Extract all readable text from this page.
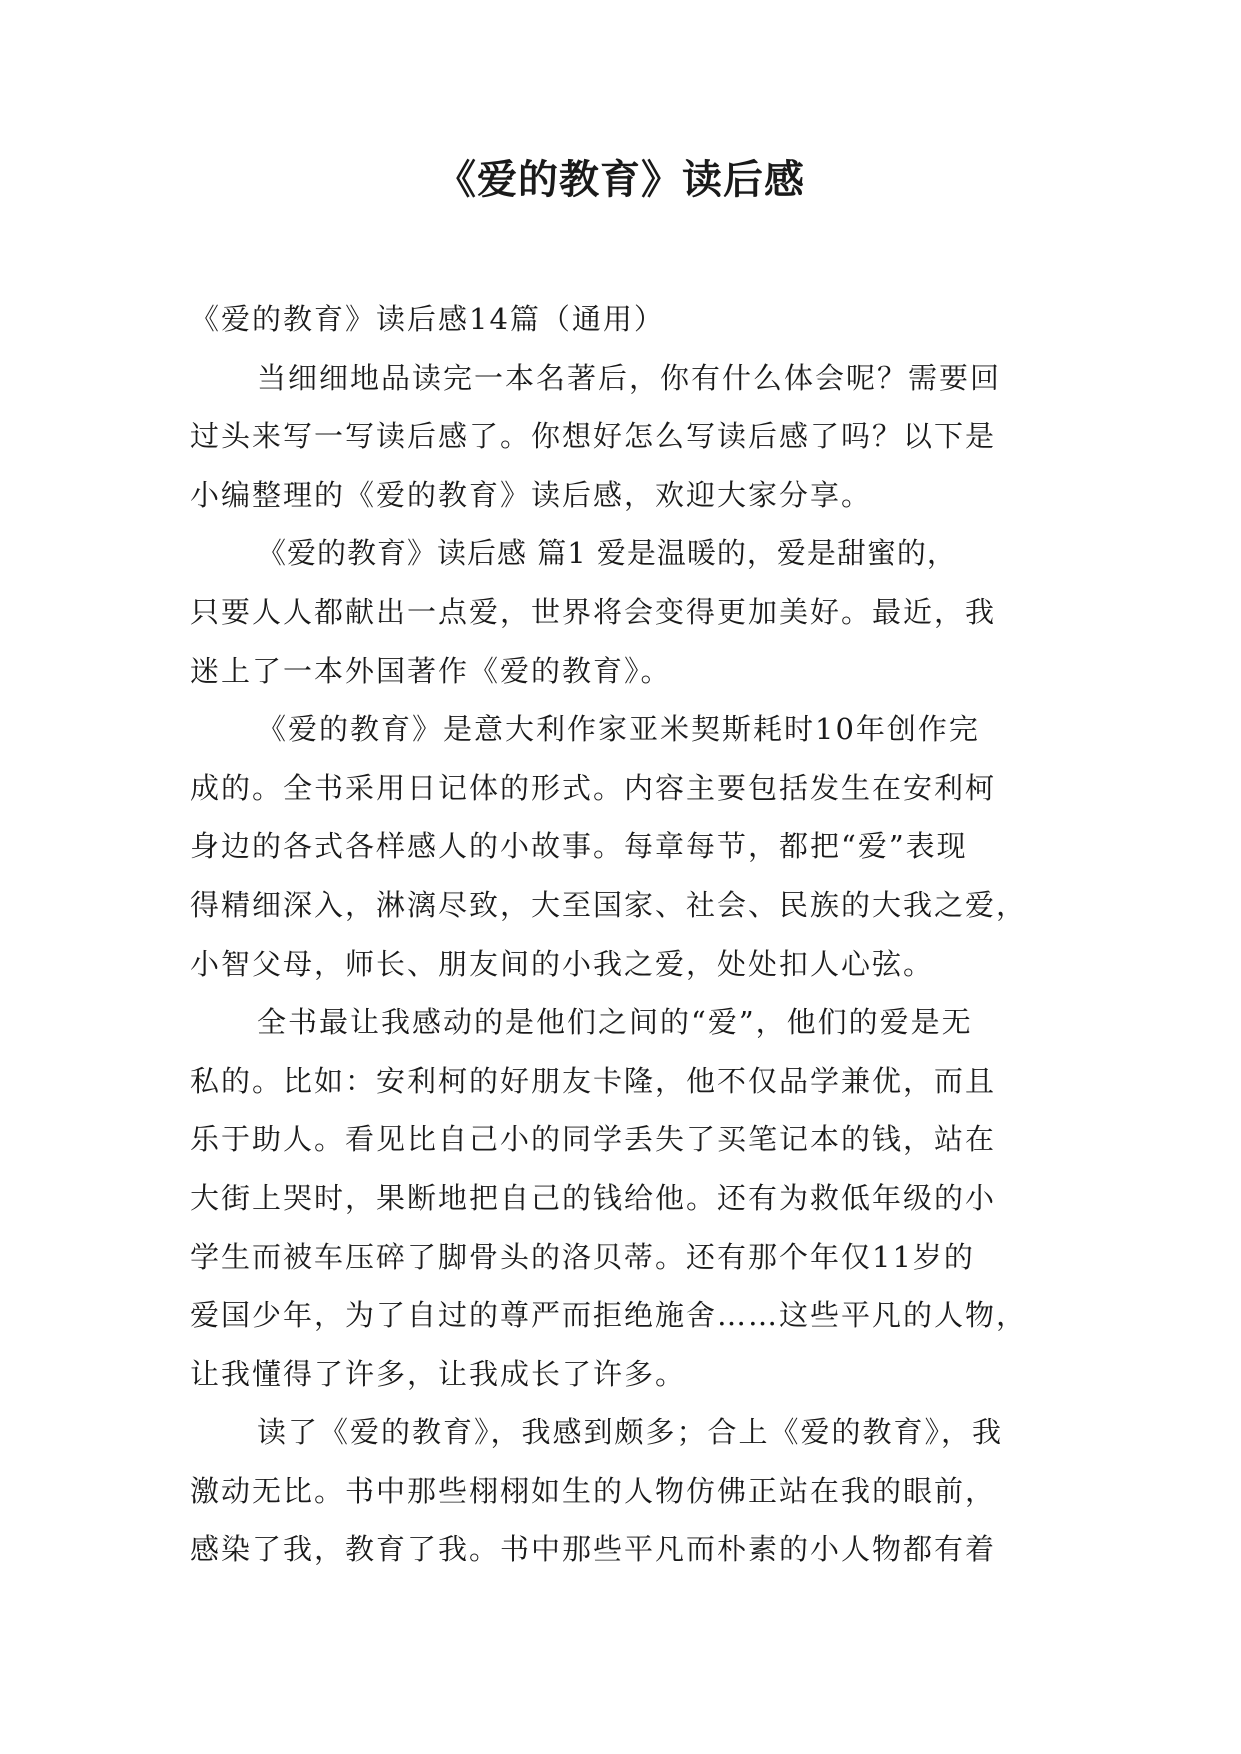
《爱的教育》读后感
《爱的教育》读后感14篇（通用）
当细细地品读完一本名著后，你有什么体会呢？需要回
过头来写一写读后感了。你想好怎么写读后感了吗？以下是
小编整理的《爱的教育》读后感，欢迎大家分享。
《爱的教育》读后感 篇1 爱是温暖的，爱是甜蜜的，
只要人人都献出一点爱，世界将会变得更加美好。最近，我
迷上了一本外国著作《爱的教育》。
《爱的教育》是意大利作家亚米契斯耗时10年创作完
成的。全书采用日记体的形式。内容主要包括发生在安利柯
身边的各式各样感人的小故事。每章每节，都把“爱”表现
得精细深入，淋漓尽致，大至国家、社会、民族的大我之爱，
小智父母，师长、朋友间的小我之爱，处处扣人心弦。
全书最让我感动的是他们之间的“爱”，他们的爱是无
私的。比如：安利柯的好朋友卡隆，他不仅品学兼优，而且
乐于助人。看见比自己小的同学丢失了买笔记本的钱，站在
大街上哭时，果断地把自己的钱给他。还有为救低年级的小
学生而被车压碎了脚骨头的洛贝蒂。还有那个年仅11岁的
爱国少年，为了自过的尊严而拒绝施舍……这些平凡的人物，
让我懂得了许多，让我成长了许多。
读了《爱的教育》，我感到颇多；合上《爱的教育》，我
激动无比。书中那些栩栩如生的人物仿佛正站在我的眼前，
感染了我，教育了我。书中那些平凡而朴素的小人物都有着
